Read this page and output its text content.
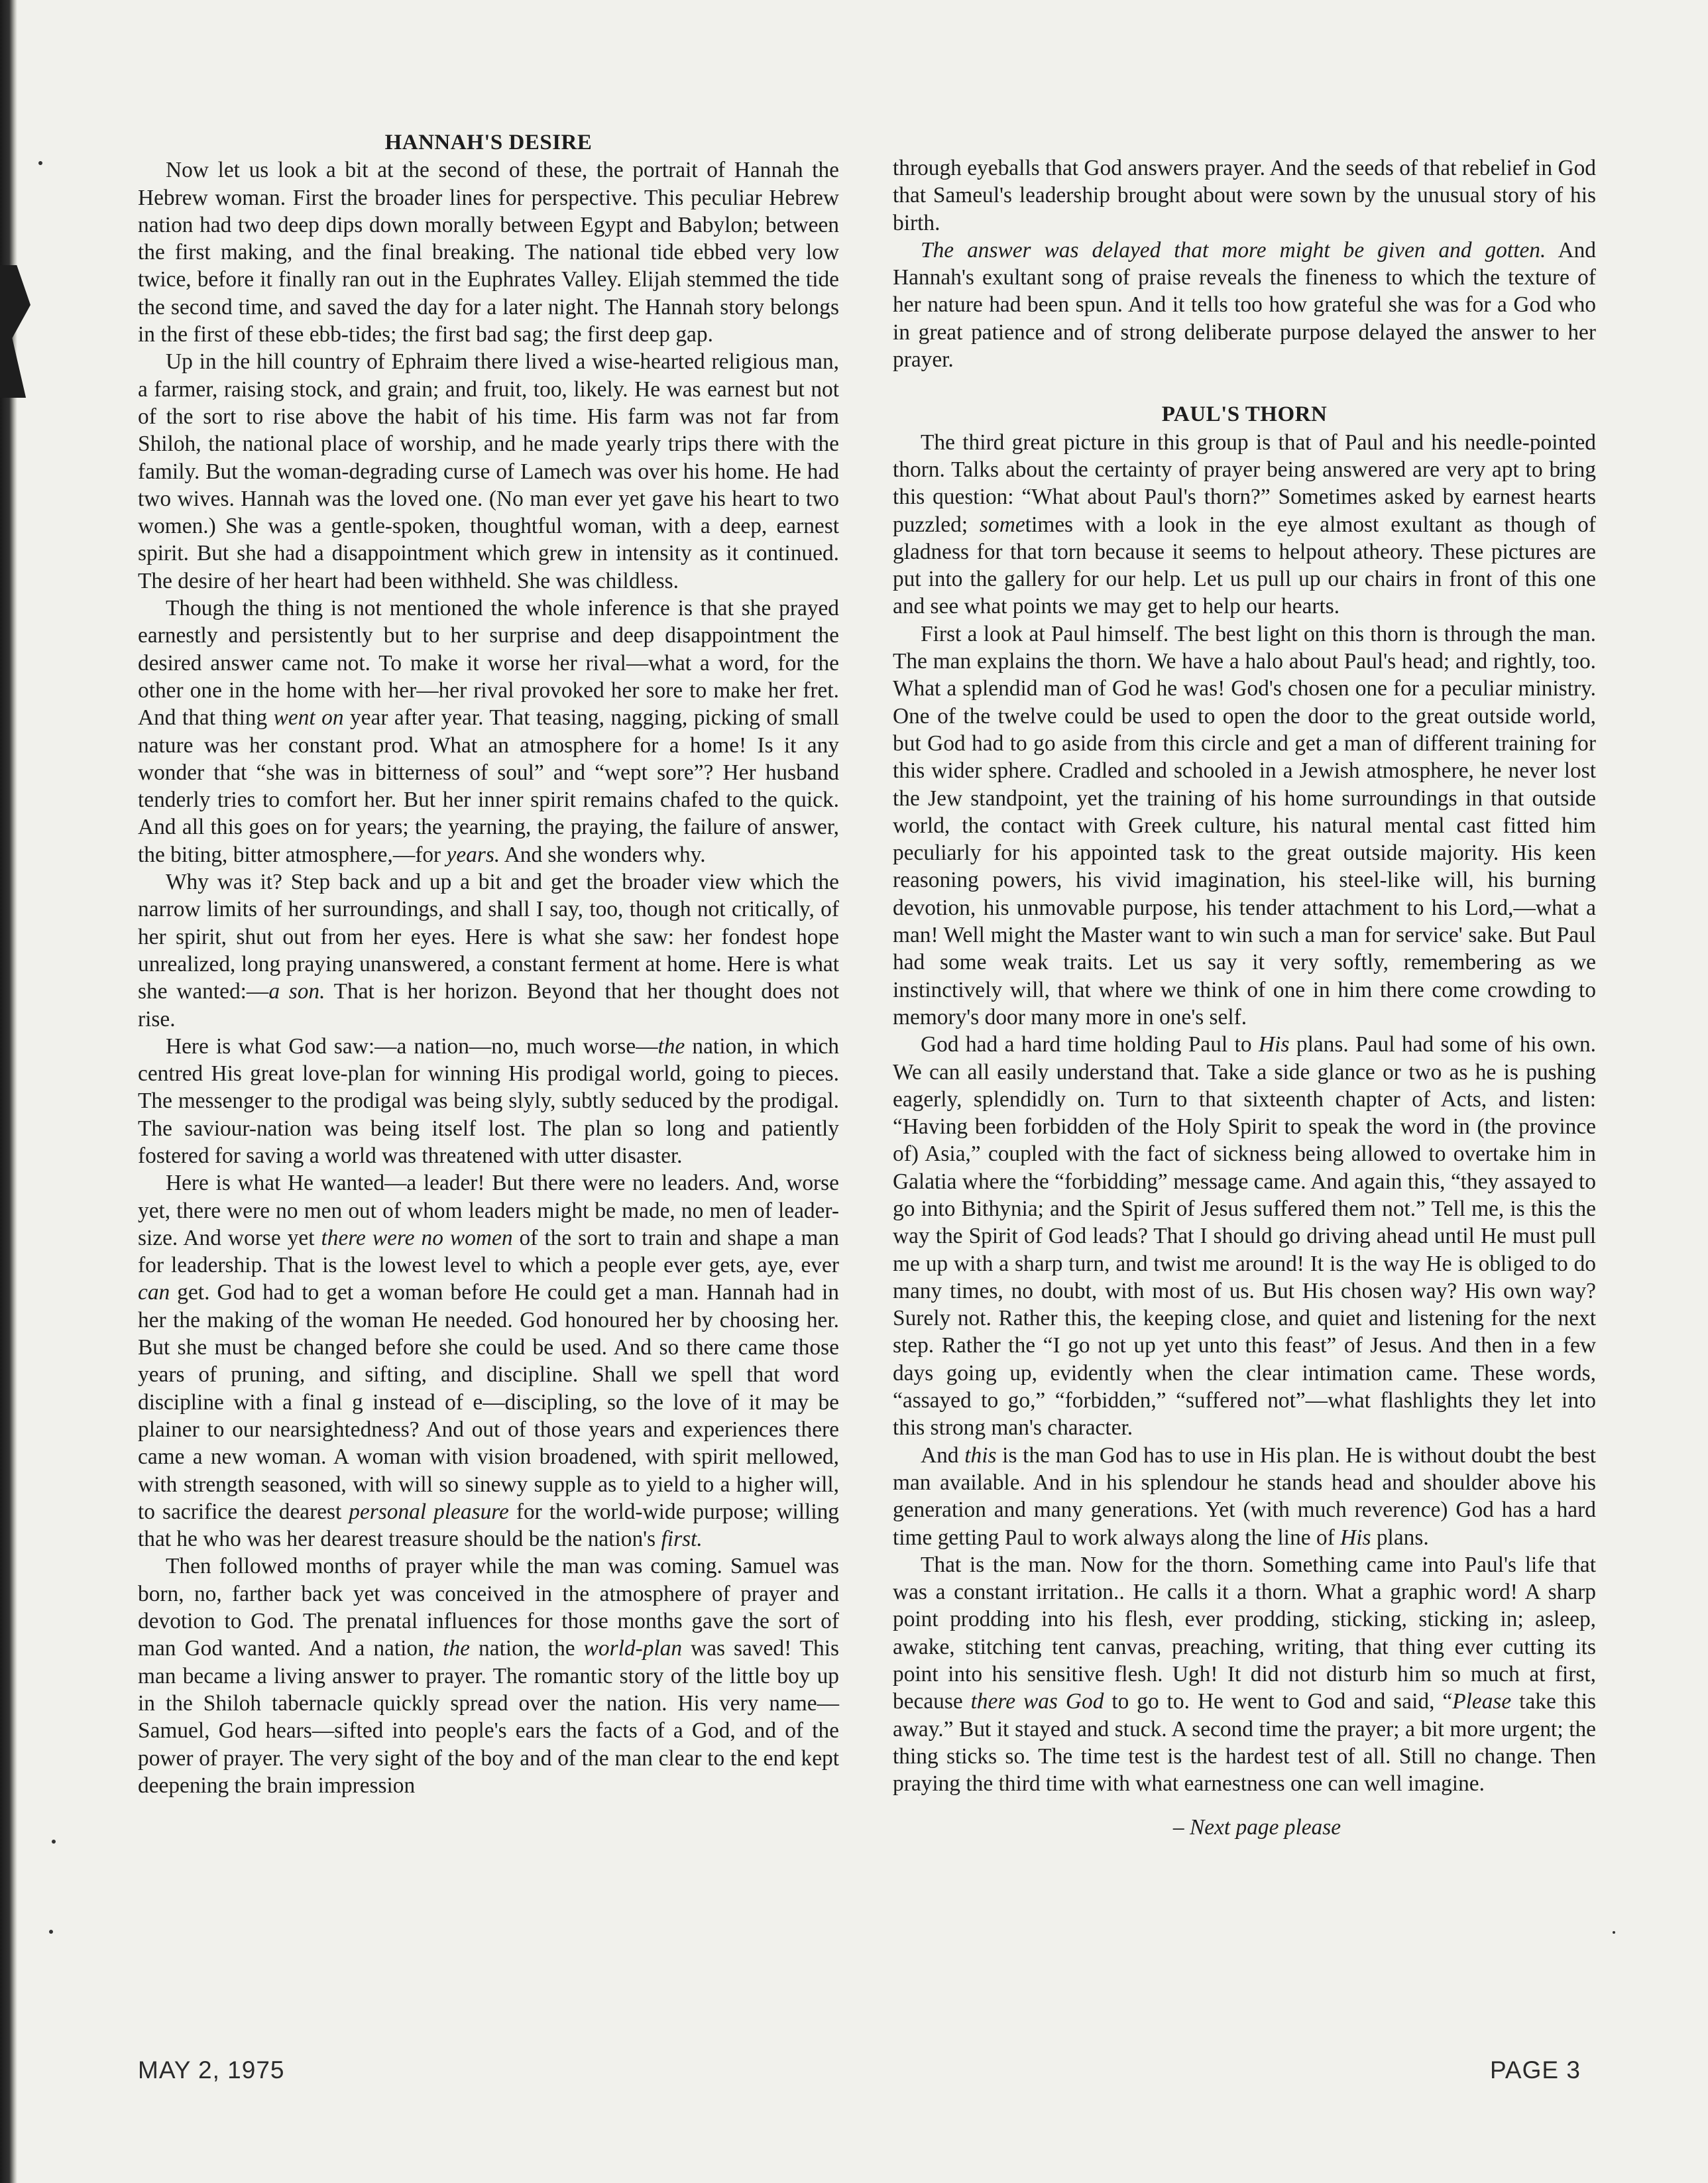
HANNAH'S DESIRE

Now let us look a bit at the second of these, the portrait of Hannah the Hebrew woman. First the broader lines for perspective. This peculiar Hebrew nation had two deep dips down morally between Egypt and Babylon; between the first making, and the final breaking. The national tide ebbed very low twice, before it finally ran out in the Euphrates Valley. Elijah stemmed the tide the second time, and saved the day for a later night. The Hannah story belongs in the first of these ebb-tides; the first bad sag; the first deep gap.

Up in the hill country of Ephraim there lived a wise-hearted religious man, a farmer, raising stock, and grain; and fruit, too, likely. He was earnest but not of the sort to rise above the habit of his time. His farm was not far from Shiloh, the national place of worship, and he made yearly trips there with the family. But the woman-degrading curse of Lamech was over his home. He had two wives. Hannah was the loved one. (No man ever yet gave his heart to two women.) She was a gentle-spoken, thoughtful woman, with a deep, earnest spirit. But she had a disappointment which grew in intensity as it continued. The desire of her heart had been withheld. She was childless.

Though the thing is not mentioned the whole inference is that she prayed earnestly and persistently but to her surprise and deep disappointment the desired answer came not. To make it worse her rival—what a word, for the other one in the home with her—her rival provoked her sore to make her fret. And that thing went on year after year. That teasing, nagging, picking of small nature was her constant prod. What an atmosphere for a home! Is it any wonder that “she was in bitterness of soul” and “wept sore”? Her husband tenderly tries to comfort her. But her inner spirit remains chafed to the quick. And all this goes on for years; the yearning, the praying, the failure of answer, the biting, bitter atmosphere,—for years. And she wonders why.

Why was it? Step back and up a bit and get the broader view which the narrow limits of her surroundings, and shall I say, too, though not critically, of her spirit, shut out from her eyes. Here is what she saw: her fondest hope unrealized, long praying unanswered, a constant ferment at home. Here is what she wanted:—a son. That is her horizon. Beyond that her thought does not rise.

Here is what God saw:—a nation—no, much worse—the nation, in which centred His great love-plan for winning His prodigal world, going to pieces. The messenger to the prodigal was being slyly, subtly seduced by the prodigal. The saviour-nation was being itself lost. The plan so long and patiently fostered for saving a world was threatened with utter disaster.

Here is what He wanted—a leader! But there were no leaders. And, worse yet, there were no men out of whom leaders might be made, no men of leader-size. And worse yet there were no women of the sort to train and shape a man for leadership. That is the lowest level to which a people ever gets, aye, ever can get. God had to get a woman before He could get a man. Hannah had in her the making of the woman He needed. God honoured her by choosing her. But she must be changed before she could be used. And so there came those years of pruning, and sifting, and discipline. Shall we spell that word discipline with a final g instead of e—discipling, so the love of it may be plainer to our nearsightedness? And out of those years and experiences there came a new woman. A woman with vision broadened, with spirit mellowed, with strength seasoned, with will so sinewy supple as to yield to a higher will, to sacrifice the dearest personal pleasure for the world-wide purpose; willing that he who was her dearest treasure should be the nation's first.

Then followed months of prayer while the man was coming. Samuel was born, no, farther back yet was conceived in the atmosphere of prayer and devotion to God. The prenatal influences for those months gave the sort of man God wanted. And a nation, the nation, the world-plan was saved! This man became a living answer to prayer. The romantic story of the little boy up in the Shiloh tabernacle quickly spread over the nation. His very name—Samuel, God hears—sifted into people's ears the facts of a God, and of the power of prayer. The very sight of the boy and of the man clear to the end kept deepening the brain impression

through eyeballs that God answers prayer. And the seeds of that rebelief in God that Sameul's leadership brought about were sown by the unusual story of his birth.

The answer was delayed that more might be given and gotten. And Hannah's exultant song of praise reveals the fineness to which the texture of her nature had been spun. And it tells too how grateful she was for a God who in great patience and of strong deliberate purpose delayed the answer to her prayer.

PAUL'S THORN

The third great picture in this group is that of Paul and his needle-pointed thorn. Talks about the certainty of prayer being answered are very apt to bring this question: “What about Paul's thorn?” Sometimes asked by earnest hearts puzzled; sometimes with a look in the eye almost exultant as though of gladness for that torn because it seems to helpout atheory. These pictures are put into the gallery for our help. Let us pull up our chairs in front of this one and see what points we may get to help our hearts.

First a look at Paul himself. The best light on this thorn is through the man. The man explains the thorn. We have a halo about Paul's head; and rightly, too. What a splendid man of God he was! God's chosen one for a peculiar ministry. One of the twelve could be used to open the door to the great outside world, but God had to go aside from this circle and get a man of different training for this wider sphere. Cradled and schooled in a Jewish atmosphere, he never lost the Jew standpoint, yet the training of his home surroundings in that outside world, the contact with Greek culture, his natural mental cast fitted him peculiarly for his appointed task to the great outside majority. His keen reasoning powers, his vivid imagination, his steel-like will, his burning devotion, his unmovable purpose, his tender attachment to his Lord,—what a man! Well might the Master want to win such a man for service' sake. But Paul had some weak traits. Let us say it very softly, remembering as we instinctively will, that where we think of one in him there come crowding to memory's door many more in one's self.

God had a hard time holding Paul to His plans. Paul had some of his own. We can all easily understand that. Take a side glance or two as he is pushing eagerly, splendidly on. Turn to that sixteenth chapter of Acts, and listen: “Having been forbidden of the Holy Spirit to speak the word in (the province of) Asia,” coupled with the fact of sickness being allowed to overtake him in Galatia where the “forbidding” message came. And again this, “they assayed to go into Bithynia; and the Spirit of Jesus suffered them not.” Tell me, is this the way the Spirit of God leads? That I should go driving ahead until He must pull me up with a sharp turn, and twist me around! It is the way He is obliged to do many times, no doubt, with most of us. But His chosen way? His own way? Surely not. Rather this, the keeping close, and quiet and listening for the next step. Rather the “I go not up yet unto this feast” of Jesus. And then in a few days going up, evidently when the clear intimation came. These words, “assayed to go,” “forbidden,” “suffered not”—what flashlights they let into this strong man's character.

And this is the man God has to use in His plan. He is without doubt the best man available. And in his splendour he stands head and shoulder above his generation and many generations. Yet (with much reverence) God has a hard time getting Paul to work always along the line of His plans.

That is the man. Now for the thorn. Something came into Paul's life that was a constant irritation.. He calls it a thorn. What a graphic word! A sharp point prodding into his flesh, ever prodding, sticking, sticking in; asleep, awake, stitching tent canvas, preaching, writing, that thing ever cutting its point into his sensitive flesh. Ugh! It did not disturb him so much at first, because there was God to go to. He went to God and said, “Please take this away.” But it stayed and stuck. A second time the prayer; a bit more urgent; the thing sticks so. The time test is the hardest test of all. Still no change. Then praying the third time with what earnestness one can well imagine.

– Next page please

MAY 2, 1975	PAGE 3
